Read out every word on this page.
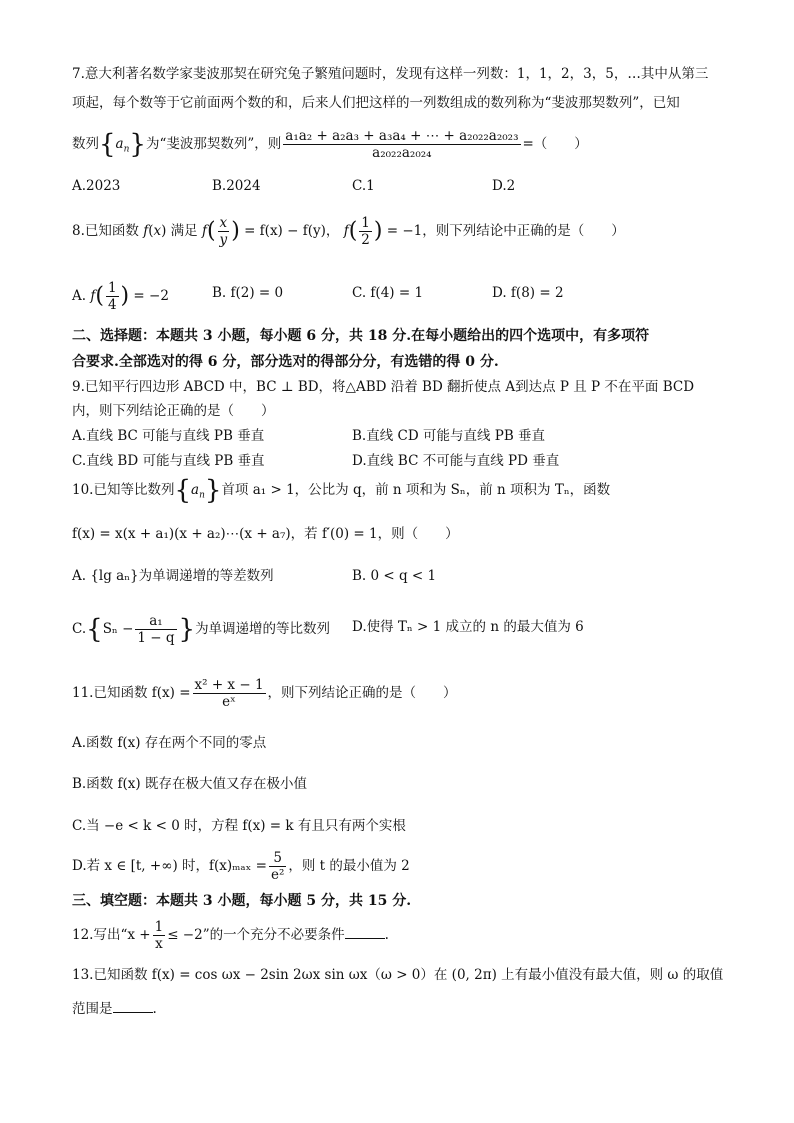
7.意大利著名数学家斐波那契在研究兔子繁殖问题时，发现有这样一列数：1，1，2，3，5，…其中从第三
项起，每个数等于它前面两个数的和，后来人们把这样的一列数组成的数列称为“斐波那契数列”，已知
数列$\{a_n\}$为“斐波那契数列”，则 $\frac{\text{a₁a₂ + a₂a₃ + a₃a₄ + ⋯ + a₂₀₂₂a₂₀₂₃}}{\text{a₂₀₂₂a₂₀₂₄}}$ =（　　）
A.2023	B.2024	C.1	D.2
8.已知函数 f(x) 满足 $f( \frac{x}{y}$ ) = f(x) − f(y)， $f( \frac{1}{2}$ ) = −1，则下列结论中正确的是（　　）
A. $f( \frac{1}{4}$ ) = −2	B. f(2) = 0	C. f(4) = 1	D. f(8) = 2
二、选择题：本题共 3 小题，每小题 6 分，共 18 分.在每小题给出的四个选项中，有多项符
合要求.全部选对的得 6 分，部分选对的得部分分，有选错的得 0 分.
9.已知平行四边形 ABCD 中，BC ⊥ BD，将△ABD 沿着 BD 翻折使点 A到达点 P 且 P 不在平面 BCD
内，则下列结论正确的是（　　）
A.直线 BC 可能与直线 PB 垂直	B.直线 CD 可能与直线 PB 垂直
C.直线 BD 可能与直线 PB 垂直	D.直线 BC 不可能与直线 PD 垂直
10.已知等比数列$\{a_n\}$首项 a₁ > 1，公比为 q，前 n 项和为 Sₙ，前 n 项积为 Tₙ，函数
f(x) = x(x + a₁)(x + a₂)⋯(x + a₇)，若 f′(0) = 1，则（　　）
A. {lg aₙ}为单调递增的等差数列	B. 0 < q < 1
$C.\{S_n - \frac{\text{a₁}}{1 - q}$ }为单调递增的等比数列 D.使得 Tₙ > 1 成立的 n 的最大值为 6
11.已知函数 $f(x) = \frac{\text{x² + x − 1}}{\text{eˣ}}$ ，则下列结论正确的是（　　）
A.函数 f(x) 存在两个不同的零点
B.函数 f(x) 既存在极大值又存在极小值
C.当 −e < k < 0 时，方程 f(x) = k 有且只有两个实根
D.若 x ∈ [t, +∞) 时，$f(x)_{max} = \frac{5}{\text{e²}}$ ，则 t 的最小值为 2
三、填空题：本题共 3 小题，每小题 5 分，共 15 分.
12.写出“$x + \frac{1}{x} \le -2$”的一个充分不必要条件	.
13.已知函数 f(x) = cos ωx − 2sin 2ωx sin ωx（ω > 0）在 (0, 2π) 上有最小值没有最大值，则 ω 的取值
范围是	.
